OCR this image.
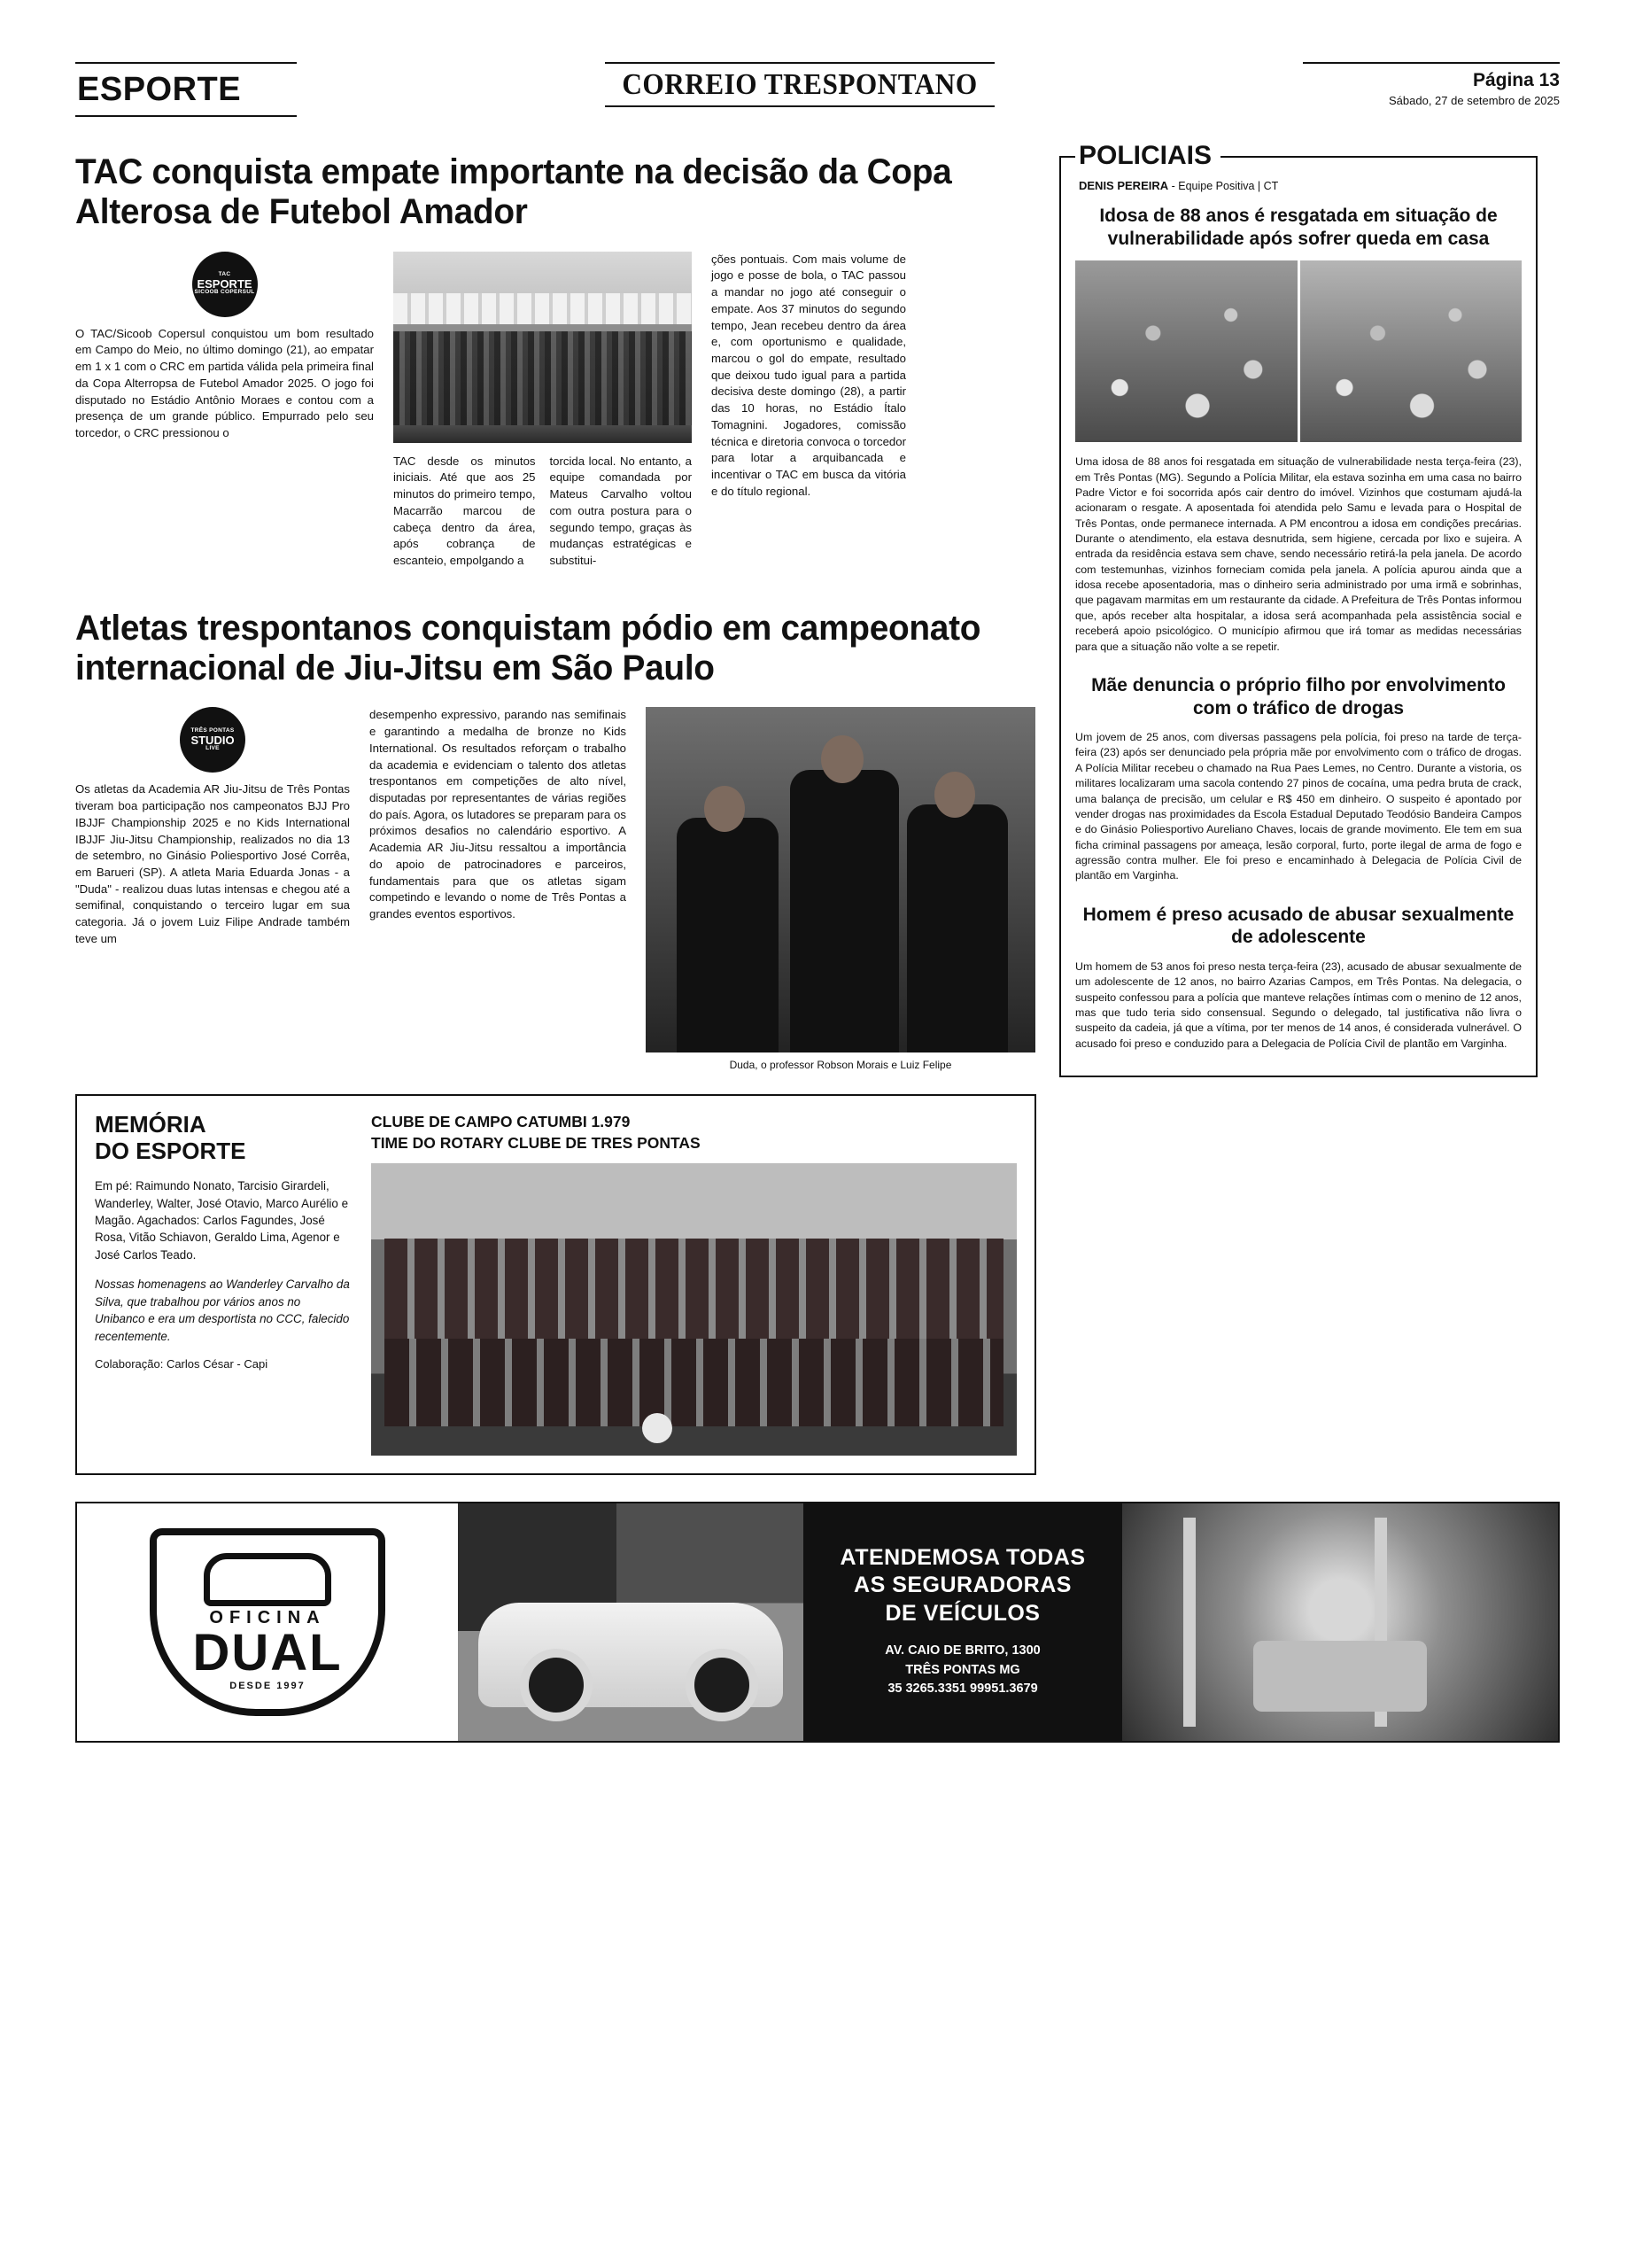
ESPORTE	CORREIO TRESPONTANO	Página 13
Sábado, 27 de setembro de 2025
TAC conquista empate importante na decisão da Copa Alterosa de Futebol Amador
TAC
ESPORTE
SICOOB COPERSUL

O TAC/Sicoob Copersul conquistou um bom resultado em Campo do Meio, no último domingo (21), ao empatar em 1 x 1 com o CRC em partida válida pela primeira final da Copa Alterropsa de Futebol Amador 2025. O jogo foi disputado no Estádio Antônio Moraes e contou com a presença de um grande público. Empurrado pelo seu torcedor, o CRC pressionou o

TAC desde os minutos iniciais. Até que aos 25 minutos do primeiro tempo, Macarrão marcou de cabeça dentro da área, após cobrança de escanteio, empolgando a

torcida local. No entanto, a equipe comandada por Mateus Carvalho voltou com outra postura para o segundo tempo, graças às mudanças estratégicas e substitui-

ções pontuais. Com mais volume de jogo e posse de bola, o TAC passou a mandar no jogo até conseguir o empate. Aos 37 minutos do segundo tempo, Jean recebeu dentro da área e, com oportunismo e qualidade, marcou o gol do empate, resultado que deixou tudo igual para a partida decisiva deste domingo (28), a partir das 10 horas, no Estádio Ítalo Tomagnini. Jogadores, comissão técnica e diretoria convoca o torcedor para lotar a arquibancada e incentivar o TAC em busca da vitória e do título regional.

Atletas trespontanos conquistam pódio em campeonato internacional de Jiu-Jitsu em São Paulo
TRÊS PONTAS
STUDIO
LIVE

Os atletas da Academia AR Jiu-Jitsu de Três Pontas tiveram boa participação nos campeonatos BJJ Pro IBJJF Championship 2025 e no Kids International IBJJF Jiu-Jitsu Championship, realizados no dia 13 de setembro, no Ginásio Poliesportivo José Corrêa, em Barueri (SP). A atleta Maria Eduarda Jonas - a "Duda" - realizou duas lutas intensas e chegou até a semifinal, conquistando o terceiro lugar em sua categoria. Já o jovem Luiz Filipe Andrade também teve um

desempenho expressivo, parando nas semifinais e garantindo a medalha de bronze no Kids International. Os resultados reforçam o trabalho da academia e evidenciam o talento dos atletas trespontanos em competições de alto nível, disputadas por representantes de várias regiões do país. Agora, os lutadores se preparam para os próximos desafios no calendário esportivo. A Academia AR Jiu-Jitsu ressaltou a importância do apoio de patrocinadores e parceiros, fundamentais para que os atletas sigam competindo e levando o nome de Três Pontas a grandes eventos esportivos.

Duda, o professor Robson Morais e Luiz Felipe
MEMÓRIA
DO ESPORTE

Em pé: Raimundo Nonato, Tarcisio Girardeli, Wanderley, Walter, José Otavio, Marco Aurélio e Magão. Agachados: Carlos Fagundes, José Rosa, Vitão Schiavon, Geraldo Lima, Agenor e José Carlos Teado.

Nossas homenagens ao Wanderley Carvalho da Silva, que trabalhou por vários anos no Unibanco e era um desportista no CCC, falecido recentemente.

Colaboração: Carlos César - Capi

CLUBE DE CAMPO CATUMBI 1.979
TIME DO ROTARY CLUBE DE TRES PONTAS
POLICIAIS
DENIS PEREIRA - Equipe Positiva | CT
Idosa de 88 anos é resgatada em situação de vulnerabilidade após sofrer queda em casa

Uma idosa de 88 anos foi resgatada em situação de vulnerabilidade nesta terça-feira (23), em Três Pontas (MG). Segundo a Polícia Militar, ela estava sozinha em uma casa no bairro Padre Victor e foi socorrida após cair dentro do imóvel. Vizinhos que costumam ajudá-la acionaram o resgate. A aposentada foi atendida pelo Samu e levada para o Hospital de Três Pontas, onde permanece internada. A PM encontrou a idosa em condições precárias. Durante o atendimento, ela estava desnutrida, sem higiene, cercada por lixo e sujeira. A entrada da residência estava sem chave, sendo necessário retirá-la pela janela. De acordo com testemunhas, vizinhos forneciam comida pela janela. A polícia apurou ainda que a idosa recebe aposentadoria, mas o dinheiro seria administrado por uma irmã e sobrinhas, que pagavam marmitas em um restaurante da cidade. A Prefeitura de Três Pontas informou que, após receber alta hospitalar, a idosa será acompanhada pela assistência social e receberá apoio psicológico. O município afirmou que irá tomar as medidas necessárias para que a situação não volte a se repetir.

Mãe denuncia o próprio filho por envolvimento com o tráfico de drogas

Um jovem de 25 anos, com diversas passagens pela polícia, foi preso na tarde de terça-feira (23) após ser denunciado pela própria mãe por envolvimento com o tráfico de drogas. A Polícia Militar recebeu o chamado na Rua Paes Lemes, no Centro. Durante a vistoria, os militares localizaram uma sacola contendo 27 pinos de cocaína, uma pedra bruta de crack, uma balança de precisão, um celular e R$ 450 em dinheiro. O suspeito é apontado por vender drogas nas proximidades da Escola Estadual Deputado Teodósio Bandeira Campos e do Ginásio Poliesportivo Aureliano Chaves, locais de grande movimento. Ele tem em sua ficha criminal passagens por ameaça, lesão corporal, furto, porte ilegal de arma de fogo e agressão contra mulher. Ele foi preso e encaminhado à Delegacia de Polícia Civil de plantão em Varginha.

Homem é preso acusado de abusar sexualmente de adolescente

Um homem de 53 anos foi preso nesta terça-feira (23), acusado de abusar sexualmente de um adolescente de 12 anos, no bairro Azarias Campos, em Três Pontas. Na delegacia, o suspeito confessou para a polícia que manteve relações íntimas com o menino de 12 anos, mas que tudo teria sido consensual. Segundo o delegado, tal justificativa não livra o suspeito da cadeia, já que a vítima, por ter menos de 14 anos, é considerada vulnerável. O acusado foi preso e conduzido para a Delegacia de Polícia Civil de plantão em Varginha.

OFICINA
DUAL
DESDE 1997
ATENDEMOSA TODAS
AS SEGURADORAS
DE VEÍCULOS
AV. CAIO DE BRITO, 1300
TRÊS PONTAS MG
35 3265.3351 99951.3679
